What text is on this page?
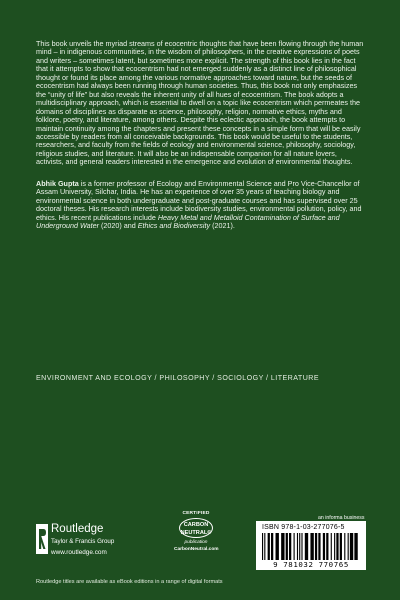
This book unveils the myriad streams of ecocentric thoughts that have been flowing through the human mind – in indigenous communities, in the wisdom of philosophers, in the creative expressions of poets and writers – sometimes latent, but sometimes more explicit. The strength of this book lies in the fact that it attempts to show that ecocentrism had not emerged suddenly as a distinct line of philosophical thought or found its place among the various normative approaches toward nature, but the seeds of ecocentrism had always been running through human societies. Thus, this book not only emphasizes the “unity of life” but also reveals the inherent unity of all hues of ecocentrism. The book adopts a multidisciplinary approach, which is essential to dwell on a topic like ecocentrism which permeates the domains of disciplines as disparate as science, philosophy, religion, normative ethics, myths and folklore, poetry, and literature, among others. Despite this eclectic approach, the book attempts to maintain continuity among the chapters and present these concepts in a simple form that will be easily accessible by readers from all conceivable backgrounds. This book would be useful to the students, researchers, and faculty from the fields of ecology and environmental science, philosophy, sociology, religious studies, and literature. It will also be an indispensable companion for all nature lovers, activists, and general readers interested in the emergence and evolution of environmental thoughts.

Abhik Gupta is a former professor of Ecology and Environmental Science and Pro Vice-Chancellor of Assam University, Silchar, India. He has an experience of over 35 years of teaching biology and environmental science in both undergraduate and post-graduate courses and has supervised over 25 doctoral theses. His research interests include biodiversity studies, environmental pollution, policy, and ethics. His recent publications include Heavy Metal and Metalloid Contamination of Surface and Underground Water (2020) and Ethics and Biodiversity (2021).

ENVIRONMENT AND ECOLOGY / PHILOSOPHY / SOCIOLOGY / LITERATURE
Routledge
Taylor & Francis Group
www.routledge.com
CERTIFIED
CARBON
NEUTRAL®
publication
CarbonNeutral.com
an informa business
ISBN 978-1-03-277076-5
9 781032 770765
Routledge titles are available as eBook editions in a range of digital formats
